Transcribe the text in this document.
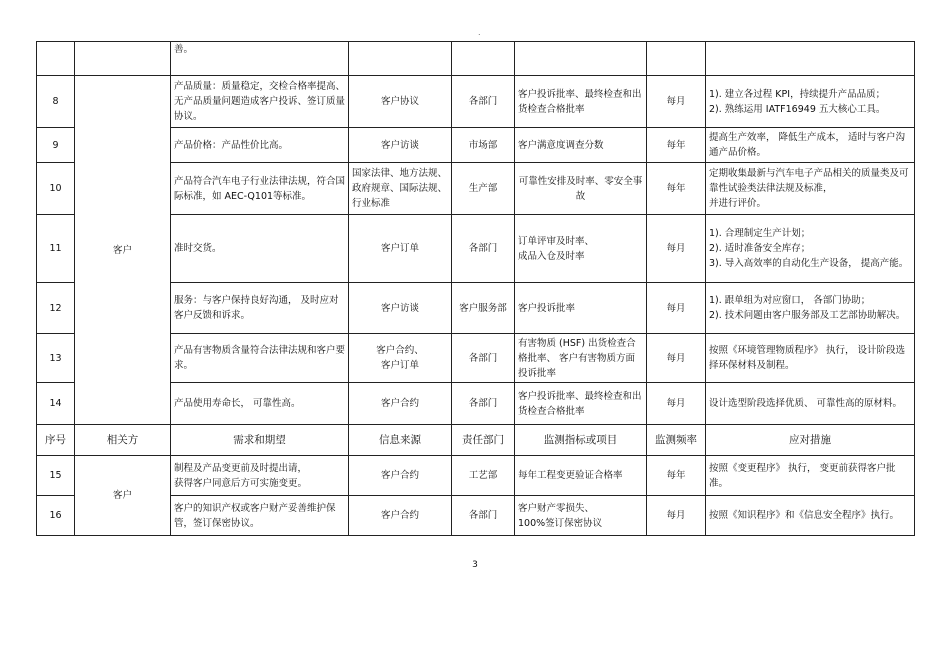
.
		善。					
8	客户	产品质量：质量稳定，交检合格率提高、无产品质量问题造成客户投诉、签订质量协议。	客户协议	各部门	客户投诉批率、最终检查和出货检查合格批率	每月	1). 建立各过程 KPI，持续提升产品品质；
2). 熟练运用 IATF16949 五大核心工具。
9		产品价格：产品性价比高。	客户访谈	市场部	客户满意度调查分数	每年	提高生产效率， 降低生产成本， 适时与客户沟通产品价格。
10		产品符合汽车电子行业法律法规，符合国际标准，如 AEC-Q101等标准。	国家法律、地方法规、政府规章、国际法规、行业标准	生产部	可靠性安排及时率、零安全事故	每年	定期收集最新与汽车电子产品相关的质量类及可靠性试验类法律法规及标准，
并进行评价。
11		准时交货。	客户订单	各部门	订单评审及时率、
成品入仓及时率	每月	1). 合理制定生产计划；
2). 适时准备安全库存；
3). 导入高效率的自动化生产设备， 提高产能。
12		服务：与客户保持良好沟通， 及时应对客户反馈和诉求。	客户访谈	客户服务部	客户投诉批率	每月	1). 跟单组为对应窗口， 各部门协助；
2). 技术问题由客户服务部及工艺部协助解决。
13		产品有害物质含量符合法律法规和客户要求。	客户合约、
客户订单	各部门	有害物质 (HSF) 出货检查合格批率、 客户有害物质方面投诉批率	每月	按照《环境管理物质程序》 执行， 设计阶段选择环保材料及制程。
14		产品使用寿命长， 可靠性高。	客户合约	各部门	客户投诉批率、最终检查和出货检查合格批率	每月	设计选型阶段选择优质、 可靠性高的原材料。
序号	相关方	需求和期望	信息来源	责任部门	监测指标或项目	监测频率	应对措施
15	客户	制程及产品变更前及时提出请，
获得客户同意后方可实施变更。	客户合约	工艺部	每年工程变更验证合格率	每年	按照《变更程序》 执行， 变更前获得客户批准。
16		客户的知识产权或客户财产妥善维护保管，签订保密协议。	客户合约	各部门	客户财产零损失、
100%签订保密协议	每月	按照《知识程序》和《信息安全程序》执行。
3
